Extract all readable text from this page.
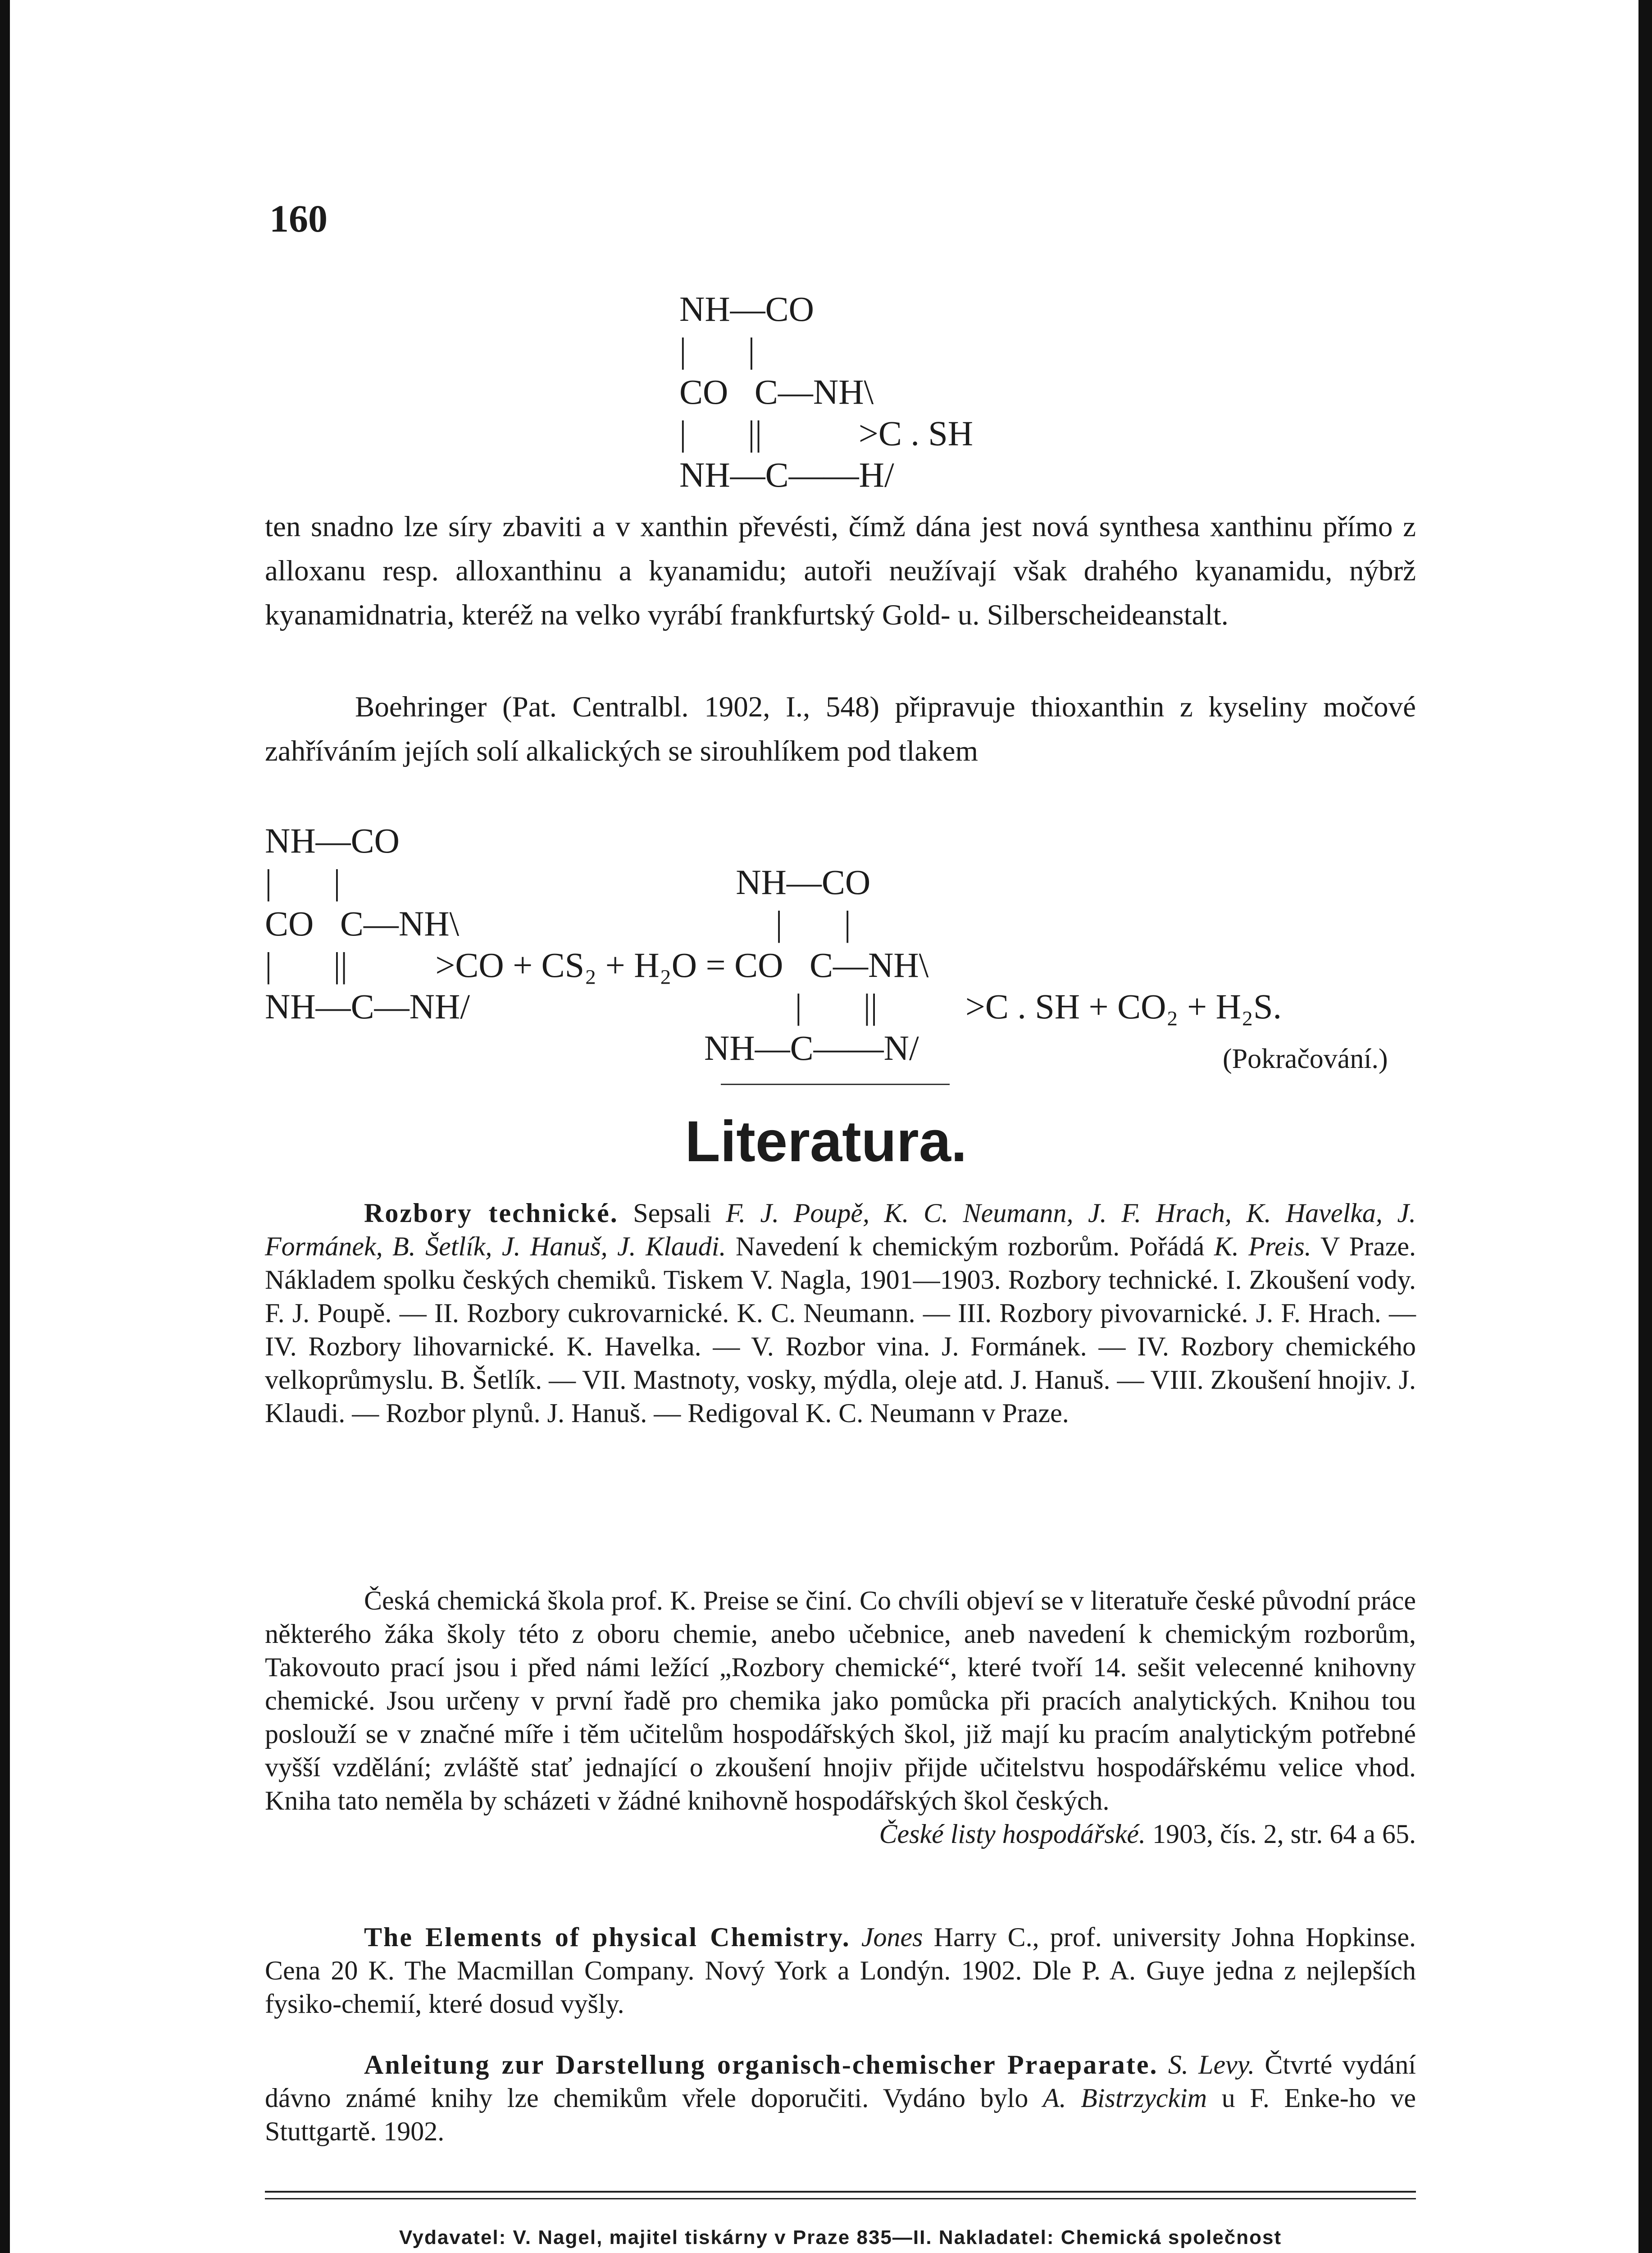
160
NH—CO
|       |
CO   C—NH\
|       ||           >C . SH
NH—C——H/

ten snadno lze síry zbaviti a v xanthin převésti, čímž dána jest nová synthesa xanthinu přímo z alloxanu resp. alloxanthinu a kyanamidu; autoři neužívají však drahého kyanamidu, nýbrž kyanamidnatria, kteréž na velko vyrábí frankfurtský Gold- u. Silberscheideanstalt.

Boehringer (Pat. Centralbl. 1902, I., 548) připravuje thioxanthin z kyseliny močové zahříváním jejích solí alkalických se sirouhlíkem pod tlakem

NH—CO
|       |                                             NH—CO
CO   C—NH\                                    |       |
|       ||          >CO + CS₂ + H₂O = CO   C—NH\
NH—C—NH/                                     |       ||          >C . SH + CO₂ + H₂S.
NH—C——N/	(Pokračování.)
Literatura.

Rozbory technické. Sepsali F. J. Poupě, K. C. Neumann, J. F. Hrach, K. Havelka, J. Formánek, B. Šetlík, J. Hanuš, J. Klaudi. Navedení k chemickým rozborům. Pořádá K. Preis. V Praze. Nákladem spolku českých chemiků. Tiskem V. Nagla, 1901—1903. Rozbory technické. I. Zkoušení vody. F. J. Poupě. — II. Rozbory cukrovarnické. K. C. Neumann. — III. Rozbory pivovarnické. J. F. Hrach. — IV. Rozbory lihovarnické. K. Havelka. — V. Rozbor vina. J. Formánek. — IV. Rozbory chemického velkoprůmyslu. B. Šetlík. — VII. Mastnoty, vosky, mýdla, oleje atd. J. Hanuš. — VIII. Zkoušení hnojiv. J. Klaudi. — Rozbor plynů. J. Hanuš. — Redigoval K. C. Neumann v Praze.

Česká chemická škola prof. K. Preise se činí. Co chvíli objeví se v literatuře české původní práce některého žáka školy této z oboru chemie, anebo učebnice, aneb navedení k chemickým rozborům, Takovouto prací jsou i před námi ležící „Rozbory chemické“, které tvoří 14. sešit velecenné knihovny chemické. Jsou určeny v první řadě pro chemika jako pomůcka při pracích analytických. Knihou tou poslouží se v značné míře i těm učitelům hospodářských škol, již mají ku pracím analytickým potřebné vyšší vzdělání; zvláště stať jednající o zkoušení hnojiv přijde učitelstvu hospodářskému velice vhod. Kniha tato neměla by scházeti v žádné knihovně hospodářských škol českých.

České listy hospodářské. 1903, čís. 2, str. 64 a 65.

The Elements of physical Chemistry. Jones Harry C., prof. university Johna Hopkinse. Cena 20 K. The Macmillan Company. Nový York a Londýn. 1902. Dle P. A. Guye jedna z nejlepších fysiko-chemií, které dosud vyšly.

Anleitung zur Darstellung organisch-chemischer Praeparate. S. Levy. Čtvrté vydání dávno známé knihy lze chemikům vřele doporučiti. Vydáno bylo A. Bistrzyckim u F. Enke-ho ve Stuttgartě. 1902.

Vydavatel: V. Nagel, majitel tiskárny v Praze 835—II. Nakladatel: Chemická společnost
